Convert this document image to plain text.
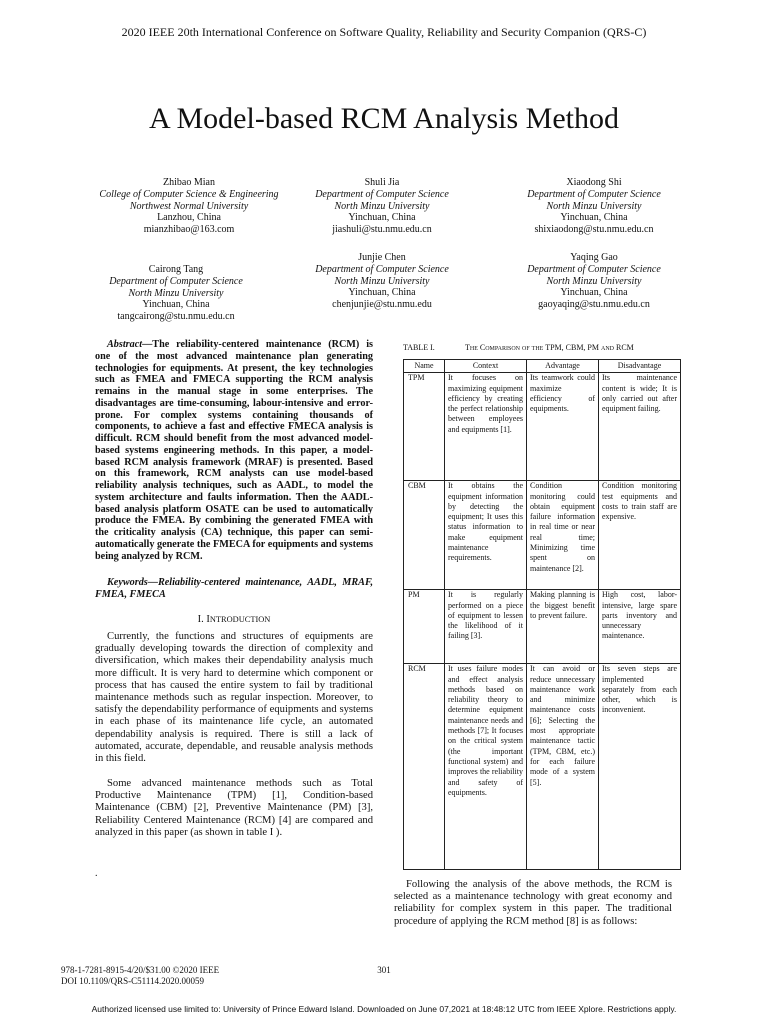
2020 IEEE 20th International Conference on Software Quality, Reliability and Security Companion (QRS-C)
A Model-based RCM Analysis Method
Zhibao Mian
College of Computer Science & Engineering
Northwest Normal University
Lanzhou, China
mianzhibao@163.com
Shuli Jia
Department of Computer Science
North Minzu University
Yinchuan, China
jiashuli@stu.nmu.edu.cn
Xiaodong Shi
Department of Computer Science
North Minzu University
Yinchuan, China
shixiaodong@stu.nmu.edu.cn
Cairong Tang
Department of Computer Science
North Minzu University
Yinchuan, China
tangcairong@stu.nmu.edu.cn
Junjie Chen
Department of Computer Science
North Minzu University
Yinchuan, China
chenjunjie@stu.nmu.edu
Yaqing Gao
Department of Computer Science
North Minzu University
Yinchuan, China
gaoyaqing@stu.nmu.edu.cn
Abstract—The reliability-centered maintenance (RCM) is one of the most advanced maintenance plan generating technologies for equipments. At present, the key technologies such as FMEA and FMECA supporting the RCM analysis remains in the manual stage in some enterprises. The disadvantages are time-consuming, labour-intensive and error-prone. For complex systems containing thousands of components, to achieve a fast and effective FMECA analysis is difficult. RCM should benefit from the most advanced model-based systems engineering methods. In this paper, a model-based RCM analysis framework (MRAF) is presented. Based on this framework, RCM analysts can use model-based reliability analysis techniques, such as AADL, to model the system architecture and faults information. Then the AADL-based analysis platform OSATE can be used to automatically produce the FMEA. By combining the generated FMEA with the criticality analysis (CA) technique, this paper can semi-automatically generate the FMECA for equipments and systems being analyzed by RCM.
Keywords—Reliability-centered maintenance, AADL, MRAF, FMEA, FMECA
I. INTRODUCTION
Currently, the functions and structures of equipments are gradually developing towards the direction of complexity and diversification, which makes their dependability analysis much more difficult. It is very hard to determine which component or process that has caused the entire system to fail by traditional maintenance methods such as regular inspection. Moreover, to satisfy the dependability performance of equipments and systems in each phase of its maintenance life cycle, an automated dependability analysis is required. There is still a lack of automated, accurate, dependable, and reusable analysis methods in this field.
Some advanced maintenance methods such as Total Productive Maintenance (TPM) [1], Condition-based Maintenance (CBM) [2], Preventive Maintenance (PM) [3], Reliability Centered Maintenance (RCM) [4] are compared and analyzed in this paper (as shown in table I ).
.
TABLE I.	The Comparison of the TPM, CBM, PM and RCM
Name	Context	Advantage	Disadvantage
TPM	It focuses on maximizing equipment efficiency by creating the perfect relationship between employees and equipments [1].	Its teamwork could maximize efficiency of equipments.	Its maintenance content is wide; It is only carried out after equipment failing.
CBM	It obtains the equipment information by detecting the equipment; It uses this status information to make equipment maintenance requirements.	Condition monitoring could obtain equipment failure information in real time or near real time; Minimizing time spent on maintenance [2].	Condition monitoring test equipments and costs to train staff are expensive.
PM	It is regularly performed on a piece of equipment to lessen the likelihood of it failing [3].	Making planning is the biggest benefit to prevent failure.	High cost, labor-intensive, large spare parts inventory and unnecessary maintenance.
RCM	It uses failure modes and effect analysis methods based on reliability theory to determine equipment maintenance needs and methods [7]; It focuses on the critical system (the important functional system) and improves the reliability and safety of equipments.	It can avoid or reduce unnecessary maintenance work and minimize maintenance costs [6]; Selecting the most appropriate maintenance tactic (TPM, CBM, etc.) for each failure mode of a system [5].	Its seven steps are implemented separately from each other, which is inconvenient.
Following the analysis of the above methods, the RCM is selected as a maintenance technology with great economy and reliability for complex system in this paper. The traditional procedure of applying the RCM method [8] is as follows:
978-1-7281-8915-4/20/$31.00 ©2020 IEEE
DOI 10.1109/QRS-C51114.2020.00059
301
Authorized licensed use limited to: University of Prince Edward Island. Downloaded on June 07,2021 at 18:48:12 UTC from IEEE Xplore. Restrictions apply.
